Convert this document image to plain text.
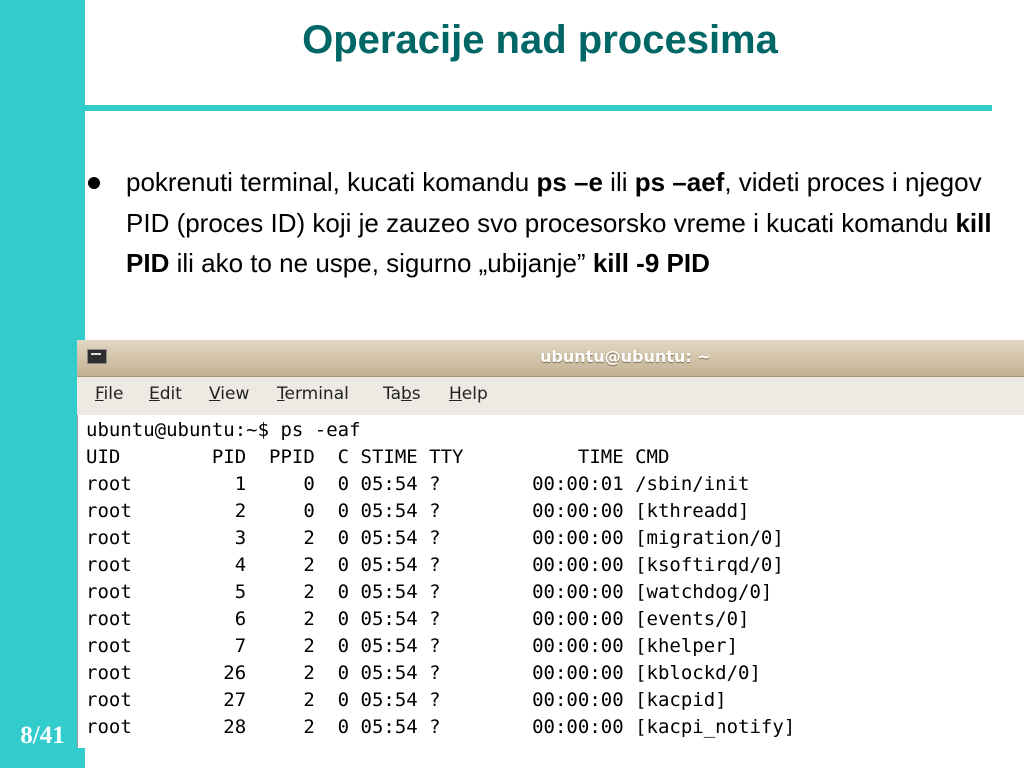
8/41
Operacije nad procesima
pokrenuti terminal, kucati komandu ps –e ili ps –aef, videti proces i njegov PID (proces ID) koji je zauzeo svo procesorsko vreme i kucati komandu kill PID ili ako to ne uspe, sigurno „ubijanje” kill -9 PID
ubuntu@ubuntu: ~
File Edit View Terminal Tabs Help
ubuntu@ubuntu:~$ ps -eaf
UID        PID  PPID  C STIME TTY          TIME CMD
root         1     0  0 05:54 ?        00:00:01 /sbin/init
root         2     0  0 05:54 ?        00:00:00 [kthreadd]
root         3     2  0 05:54 ?        00:00:00 [migration/0]
root         4     2  0 05:54 ?        00:00:00 [ksoftirqd/0]
root         5     2  0 05:54 ?        00:00:00 [watchdog/0]
root         6     2  0 05:54 ?        00:00:00 [events/0]
root         7     2  0 05:54 ?        00:00:00 [khelper]
root        26     2  0 05:54 ?        00:00:00 [kblockd/0]
root        27     2  0 05:54 ?        00:00:00 [kacpid]
root        28     2  0 05:54 ?        00:00:00 [kacpi_notify]
